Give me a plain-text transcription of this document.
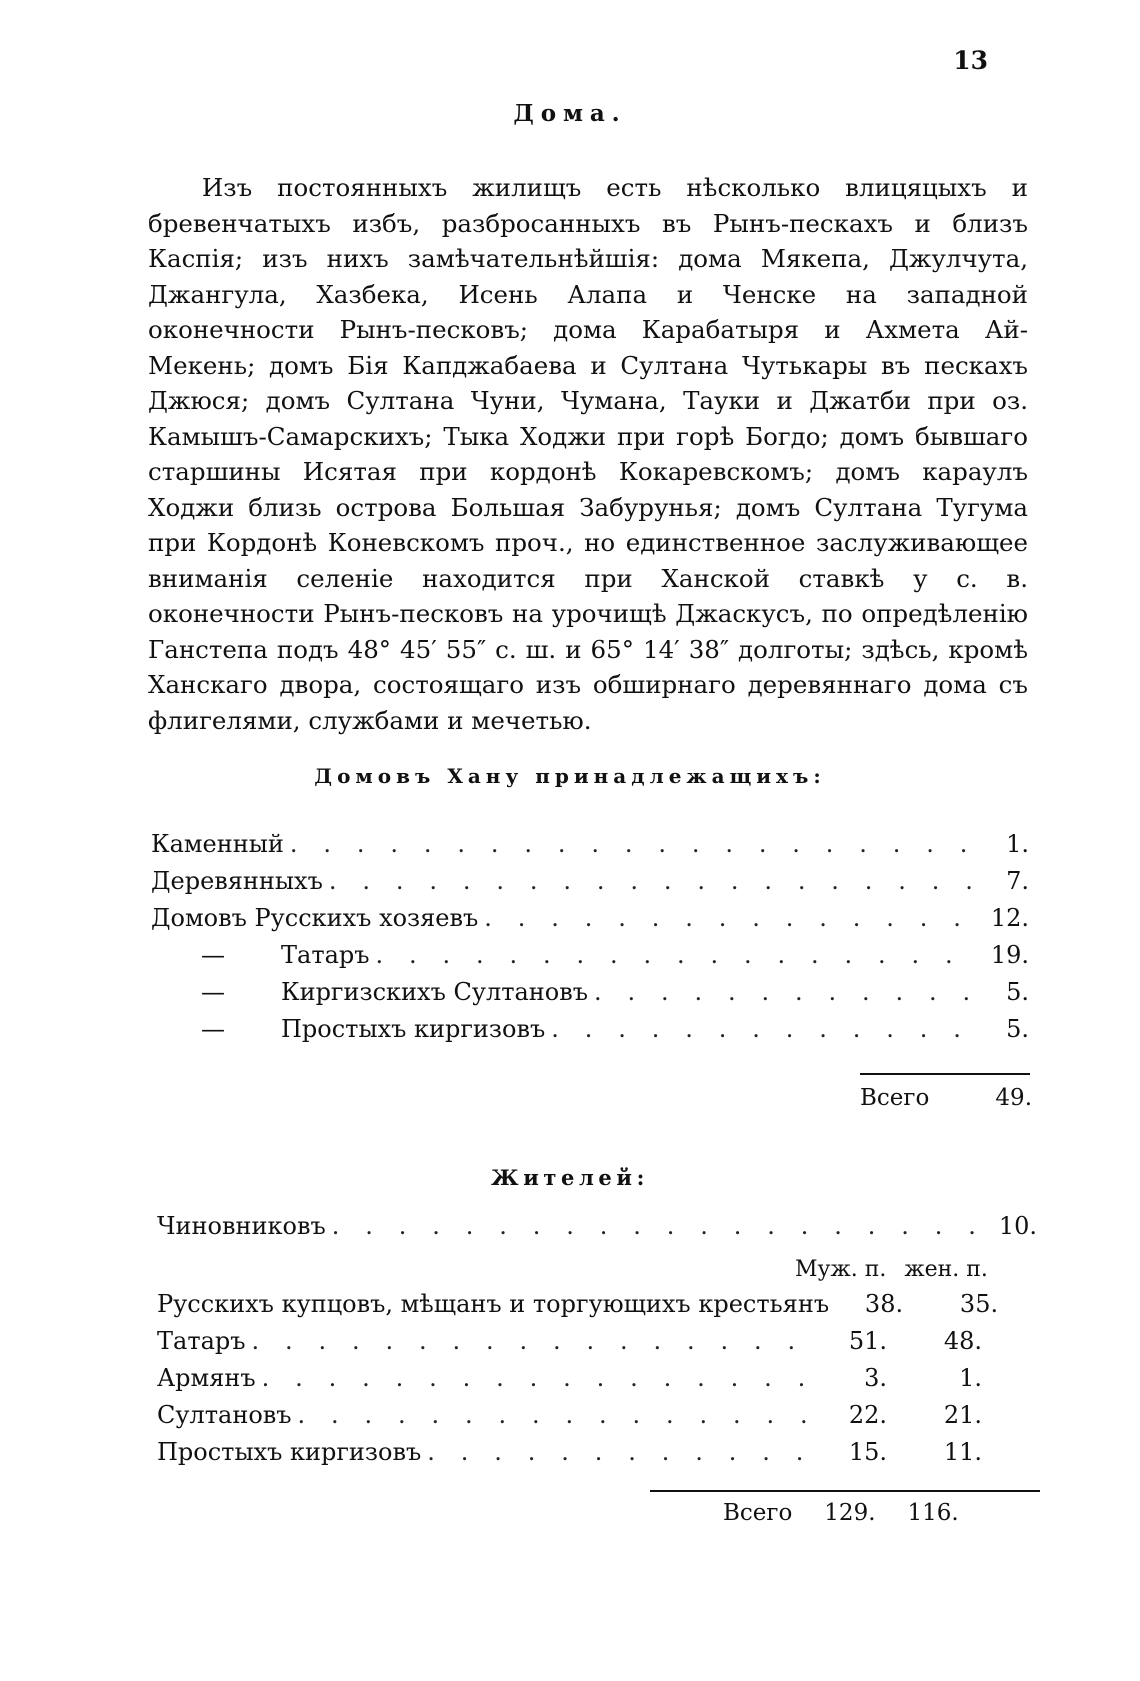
13
Дома.

Изъ постоянныхъ жилищъ есть нѣсколько влицяцыхъ и бревенчатыхъ избъ, разбросанныхъ въ Рынъ-пескахъ и близъ Каспія; изъ нихъ замѣчательнѣйшія: дома Мякепа, Джулчута, Джангула, Хазбека, Исень Алапа и Ченске на западной оконечности Рынъ-песковъ; дома Карабатыря и Ахмета Ай-Мекень; домъ Бія Капджабаева и Султана Чутькары въ пескахъ Джюся; домъ Султана Чуни, Чумана, Тауки и Джатби при оз. Камышъ-Самарскихъ; Тыка Ходжи при горѣ Богдо; домъ бывшаго старшины Исятая при кордонѣ Кокаревскомъ; домъ караулъ Ходжи близь острова Большая Забурунья; домъ Султана Тугума при Кордонѣ Коневскомъ проч., но единственное заслуживающее вниманія селеніе находится при Ханской ставкѣ у с. в. оконечности Рынъ-песковъ на урочищѣ Джаскусъ, по опредѣленію Ганстепа подъ 48° 45′ 55″ с. ш. и 65° 14′ 38″ долготы; здѣсь, кромѣ Ханскаго двора, состоящаго изъ обширнаго деревяннаго дома съ флигелями, службами и мечетью.

Домовъ Хану принадлежащихъ:
Каменный . . .	1.
Деревянныхъ . . .	7.
Домовъ Русскихъ хозяевъ . . .	12.
—	Татаръ . . .	19.
—	Киргизскихъ Султановъ . . .	5.
—	Простыхъ киргизовъ . . .	5.
Всего	49.
Жителей:
Чиновниковъ . . .	10.
Муж. п. жен. п.
Русскихъ купцовъ, мѣщанъ и торгующихъ крестьянъ	38.	35.
Татаръ . . .	51.	48.
Армянъ . . .	3.	1.
Султановъ . . .	22.	21.
Простыхъ киргизовъ . . .	15.	11.
Всего 129. 116.
